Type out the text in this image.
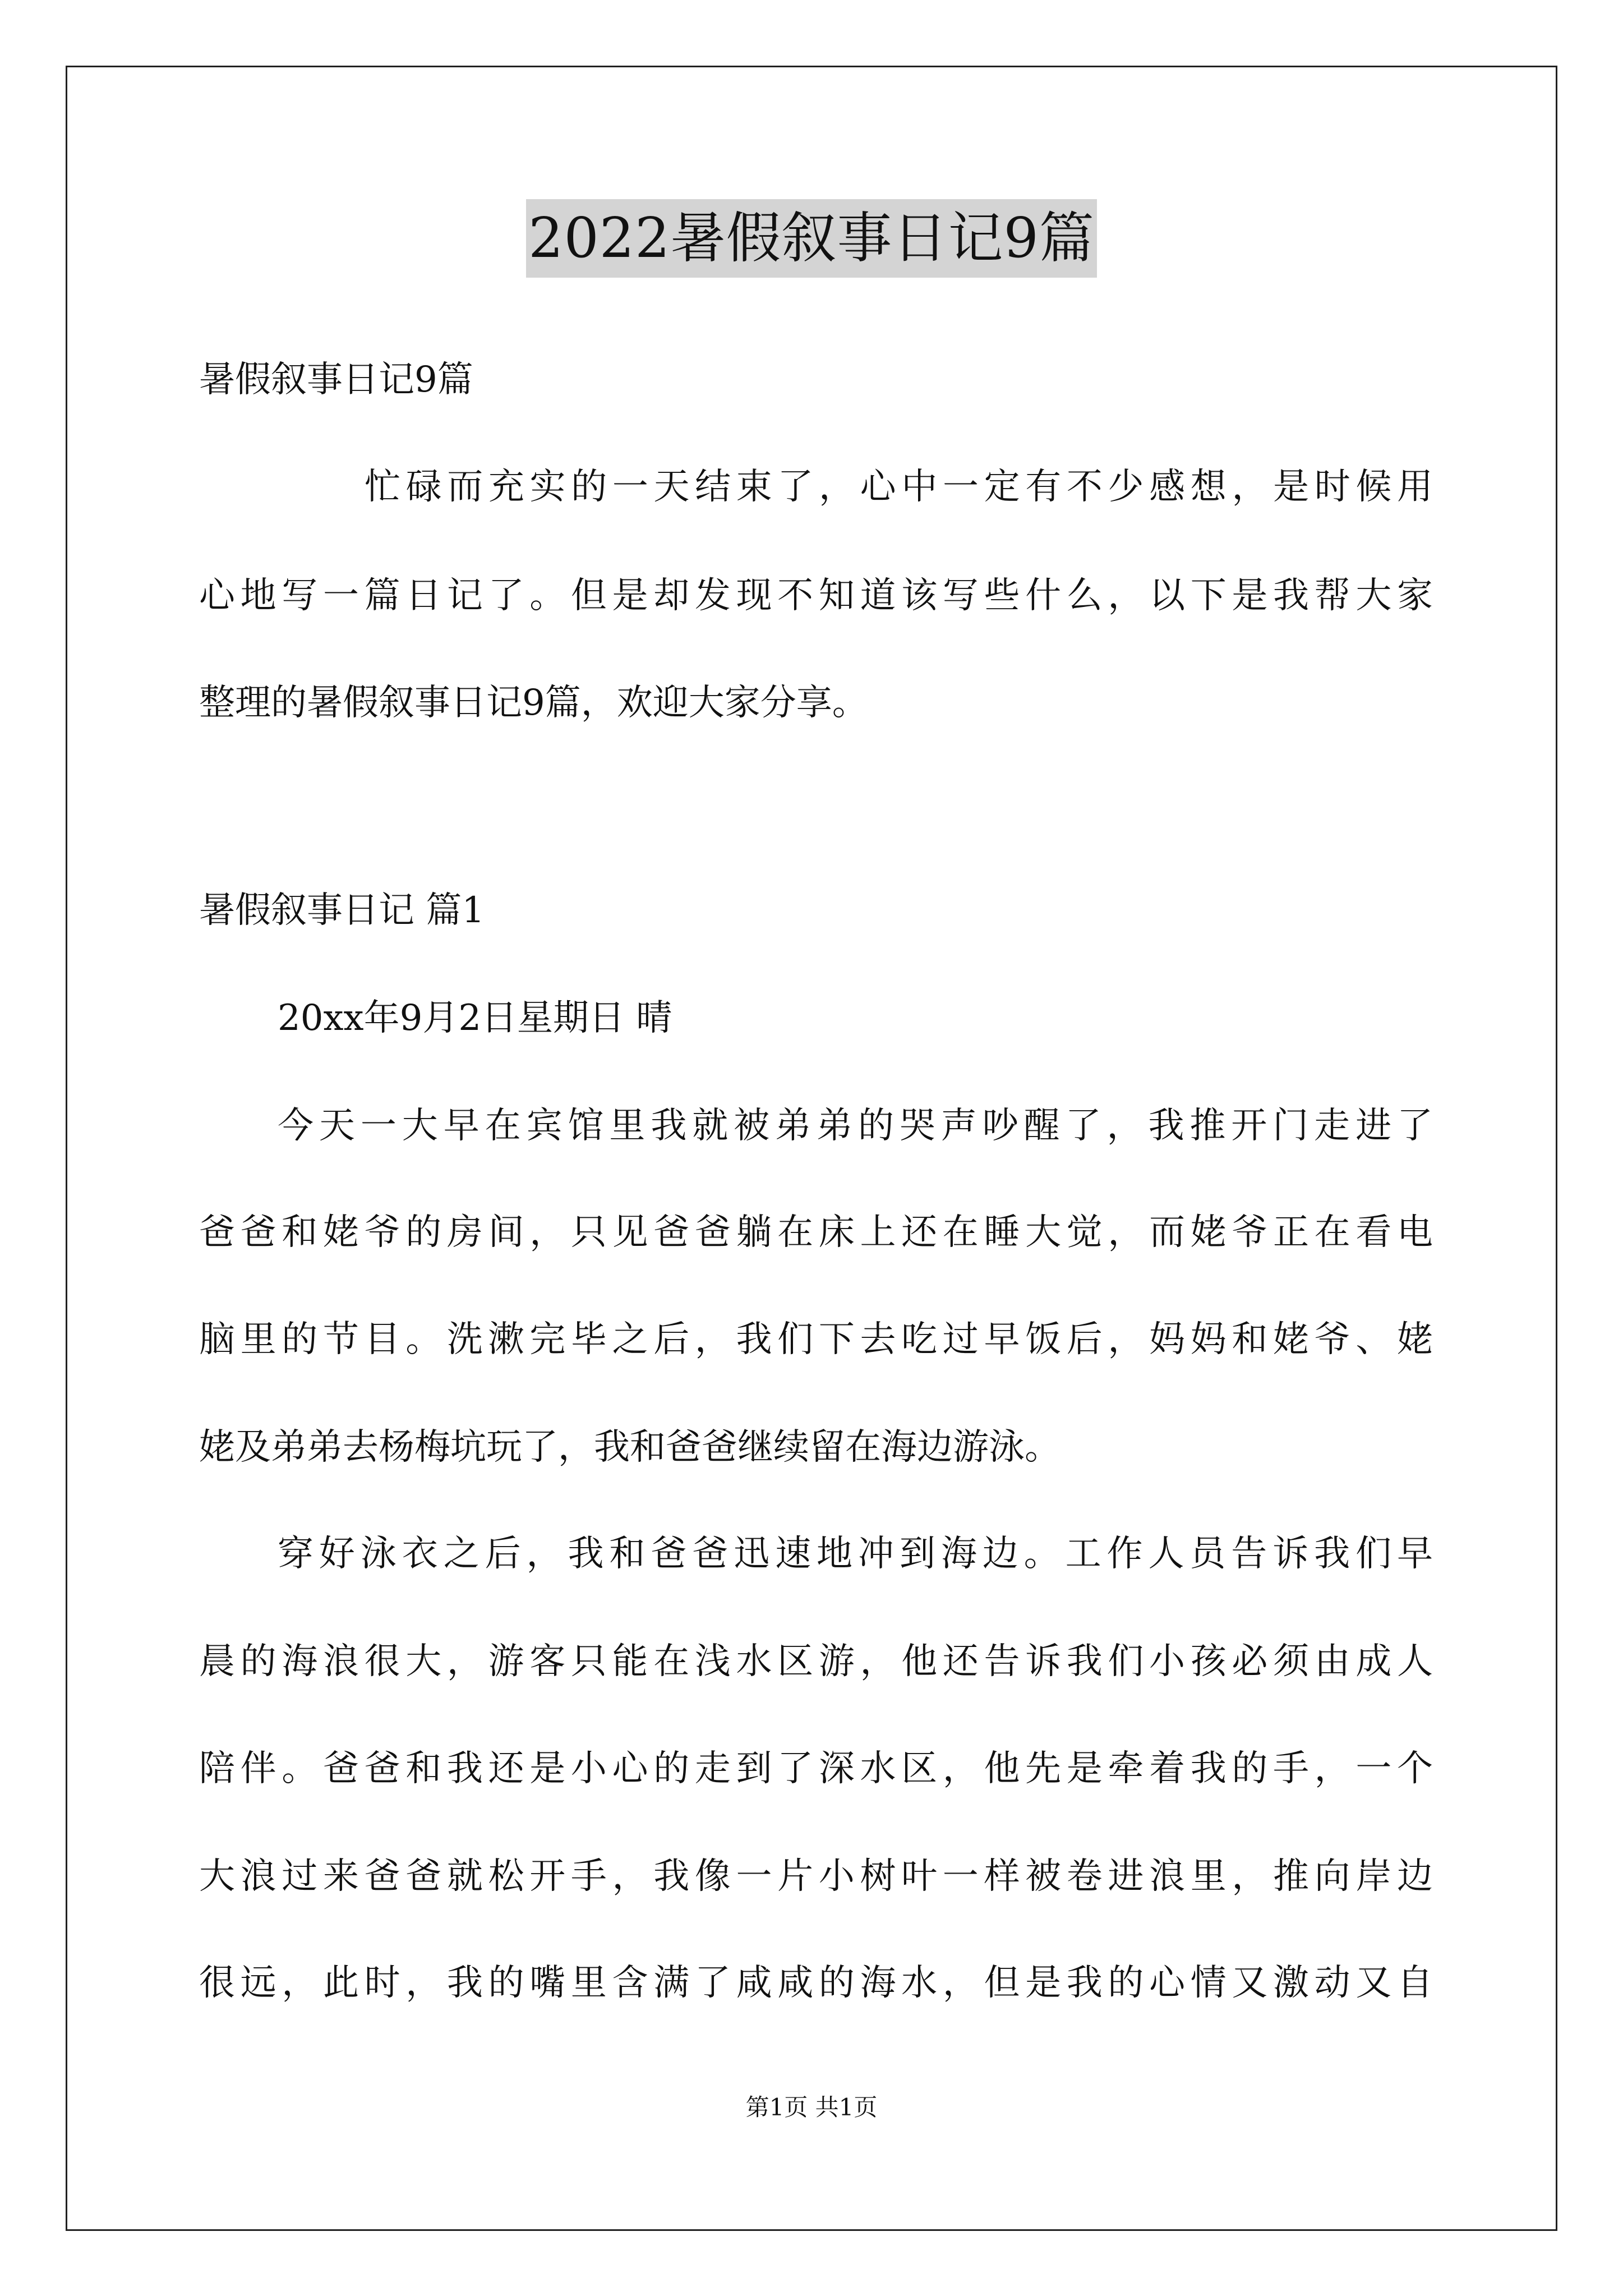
2022暑假叙事日记9篇
暑假叙事日记9篇
忙碌而充实的一天结束了，心中一定有不少感想，是时候用
心地写一篇日记了。但是却发现不知道该写些什么，以下是我帮大家
整理的暑假叙事日记9篇，欢迎大家分享。
暑假叙事日记 篇1
20xx年9月2日星期日 晴
今天一大早在宾馆里我就被弟弟的哭声吵醒了，我推开门走进了
爸爸和姥爷的房间，只见爸爸躺在床上还在睡大觉，而姥爷正在看电
脑里的节目。洗漱完毕之后，我们下去吃过早饭后，妈妈和姥爷、姥
姥及弟弟去杨梅坑玩了，我和爸爸继续留在海边游泳。
穿好泳衣之后，我和爸爸迅速地冲到海边。工作人员告诉我们早
晨的海浪很大，游客只能在浅水区游，他还告诉我们小孩必须由成人
陪伴。爸爸和我还是小心的走到了深水区，他先是牵着我的手，一个
大浪过来爸爸就松开手，我像一片小树叶一样被卷进浪里，推向岸边
很远，此时，我的嘴里含满了咸咸的海水，但是我的心情又激动又自
第1页 共1页
